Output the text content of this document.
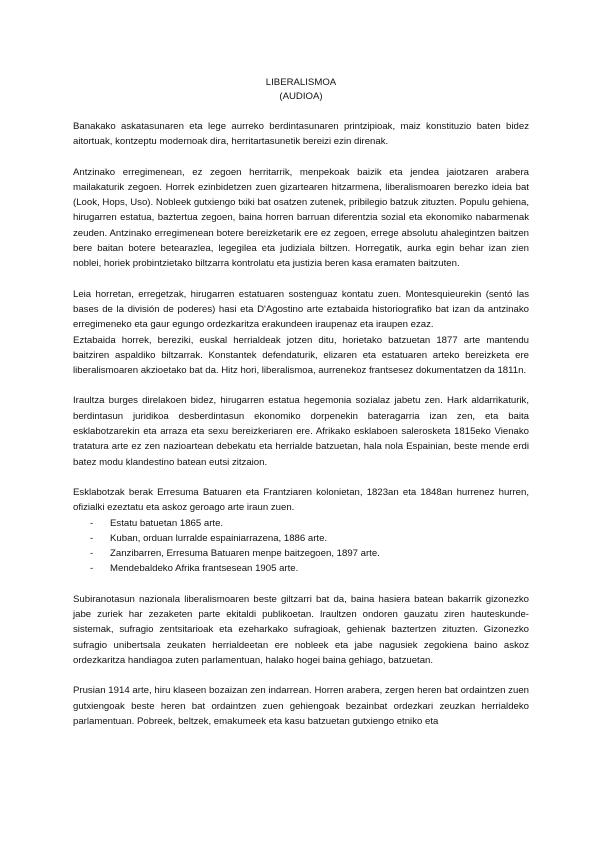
LIBERALISMOA
(AUDIOA)

Banakako askatasunaren eta lege aurreko berdintasunaren printzipioak, maiz konstituzio baten bidez aitortuak, kontzeptu modernoak dira, herritartasunetik bereizi ezin direnak.

Antzinako erregimenean, ez zegoen herritarrik, menpekoak baizik eta jendea jaiotzaren arabera mailakaturik zegoen. Horrek ezinbidetzen zuen gizartearen hitzarmena, liberalismoaren berezko ideia bat (Look, Hops, Uso). Nobleek gutxiengo txiki bat osatzen zutenek, pribilegio batzuk zituzten. Populu gehiena, hirugarren estatua, baztertua zegoen, baina horren barruan diferentzia sozial eta ekonomiko nabarmenak zeuden. Antzinako erregimenean botere bereizketarik ere ez zegoen, errege absolutu ahalegintzen baitzen bere baitan botere betearazlea, legegilea eta judiziala biltzen. Horregatik, aurka egin behar izan zien noblei, horiek probintzietako biltzarra kontrolatu eta justizia beren kasa eramaten baitzuten.

Leia horretan, erregetzak, hirugarren estatuaren sostenguaz kontatu zuen. Montesquieurekin (sentó las bases de la división de poderes) hasi eta D'Agostino arte eztabaida historiografiko bat izan da antzinako erregimeneko eta gaur egungo ordezkaritza erakundeen iraupenaz eta iraupen ezaz.

Eztabaida horrek, bereziki, euskal herrialdeak jotzen ditu, horietako batzuetan 1877 arte mantendu baitziren aspaldiko biltzarrak. Konstantek defendaturik, elizaren eta estatuaren arteko bereizketa ere liberalismoaren akzioetako bat da. Hitz hori, liberalismoa, aurrenekoz frantsesez dokumentatzen da 1811n.

Iraultza burges direlakoen bidez, hirugarren estatua hegemonia sozialaz jabetu zen. Hark aldarrikaturik, berdintasun juridikoa desberdintasun ekonomiko dorpenekin bateragarria izan zen, eta baita esklabotzarekin eta arraza eta sexu bereizkeriaren ere. Afrikako esklaboen salerosketa 1815eko Vienako tratatura arte ez zen nazioartean debekatu eta herrialde batzuetan, hala nola Espainian, beste mende erdi batez modu klandestino batean eutsi zitzaion.

Esklabotzak berak Erresuma Batuaren eta Frantziaren kolonietan, 1823an eta 1848an hurrenez hurren, ofizialki ezeztatu eta askoz geroago arte iraun zuen.

- Estatu batuetan 1865 arte.
- Kuban, orduan lurralde espainiarrazena, 1886 arte.
- Zanzibarren, Erresuma Batuaren menpe baitzegoen, 1897 arte.
- Mendebaldeko Afrika frantsesean 1905 arte.

Subiranotasun nazionala liberalismoaren beste giltzarri bat da, baina hasiera batean bakarrik gizonezko jabe zuriek har zezaketen parte ekitaldi publikoetan. Iraultzen ondoren gauzatu ziren hauteskunde-sistemak, sufragio zentsitarioak eta ezeharkako sufragioak, gehienak baztertzen zituzten. Gizonezko sufragio unibertsala zeukaten herrialdeetan ere nobleek eta jabe nagusiek zegokiena baino askoz ordezkaritza handiagoa zuten parlamentuan, halako hogei baina gehiago, batzuetan.

Prusian 1914 arte, hiru klaseen bozaizan zen indarrean. Horren arabera, zergen heren bat ordaintzen zuen gutxiengoak beste heren bat ordaintzen zuen gehiengoak bezainbat ordezkari zeuzkan herrialdeko parlamentuan. Pobreek, beltzek, emakumeek eta kasu batzuetan gutxiengo etniko eta
